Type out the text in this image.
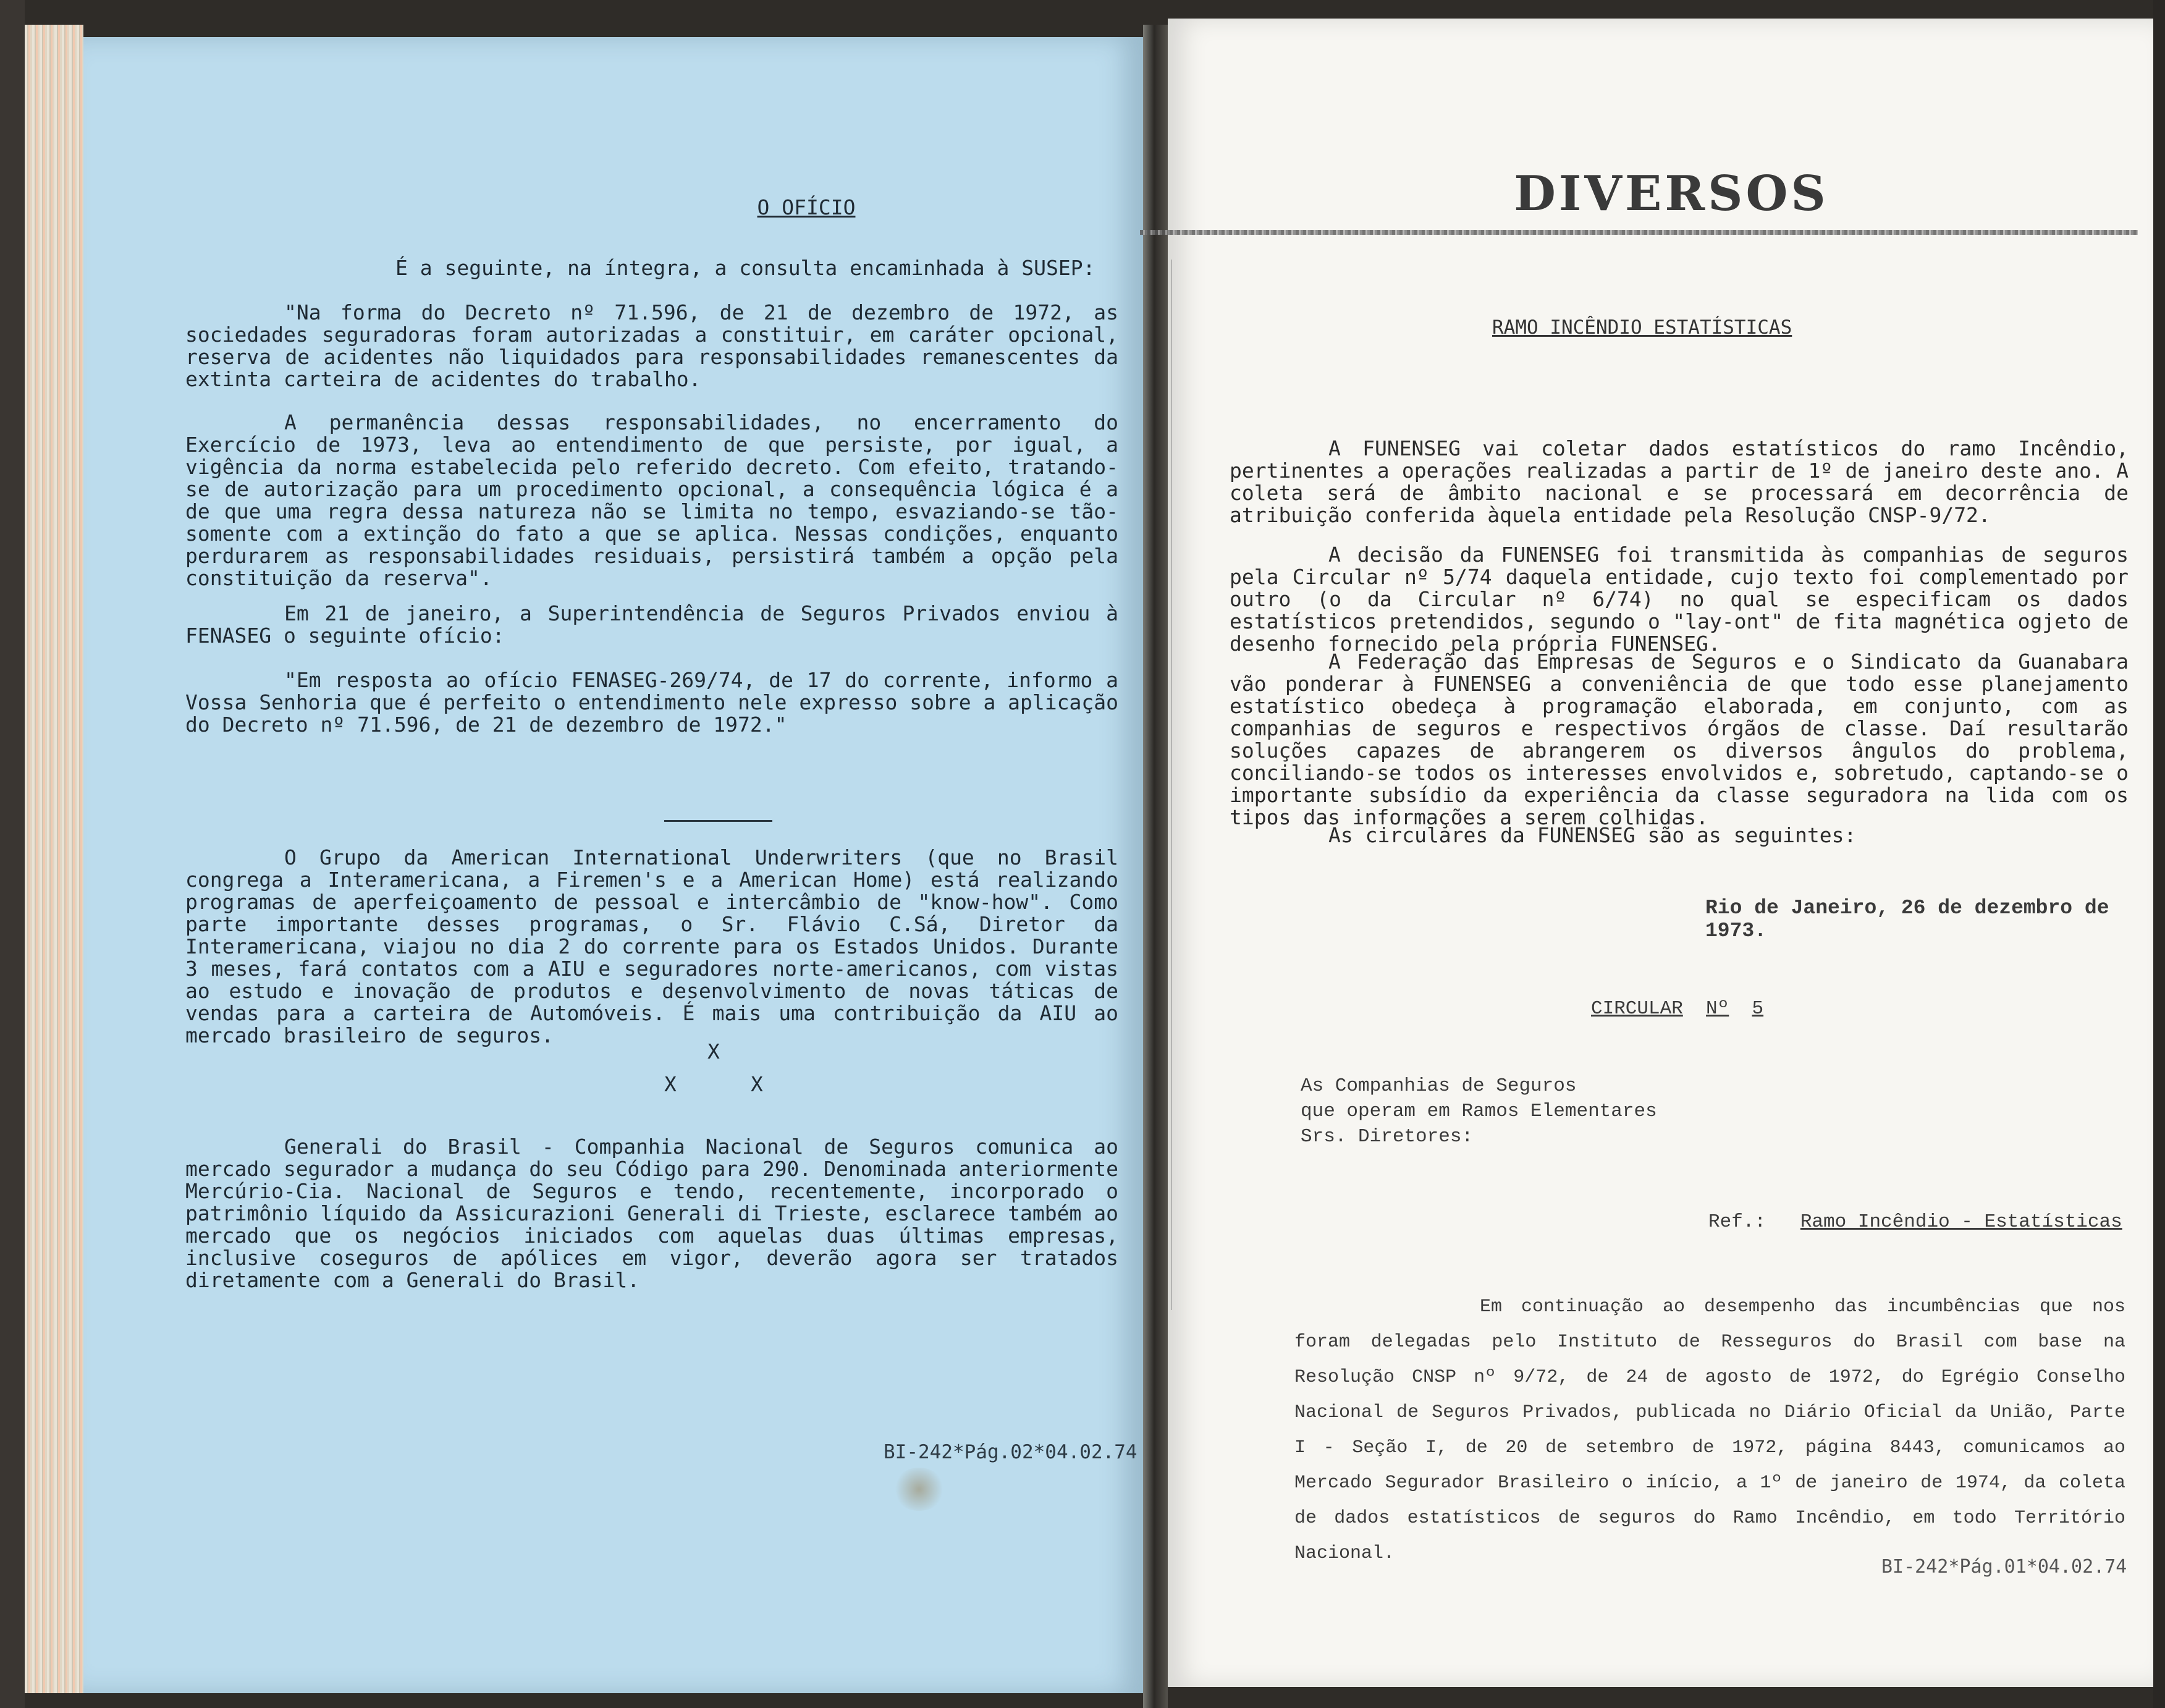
O OFÍCIO
É a seguinte, na íntegra, a consulta encaminhada à SUSEP:
"Na forma do Decreto nº 71.596, de 21 de dezembro de 1972, as sociedades seguradoras foram autorizadas a constituir, em caráter opcional, reserva de acidentes não liquidados para responsabilidades remanescentes da extinta carteira de acidentes do trabalho.
A permanência dessas responsabilidades, no encerramento do Exercício de 1973, leva ao entendimento de que persiste, por igual, a vigência da norma estabelecida pelo referido decreto. Com efeito, tratando-se de autorização para um procedimento opcional, a consequência lógica é a de que uma regra dessa natureza não se limita no tempo, esvaziando-se tão-somente com a extinção do fato a que se aplica. Nessas condições, enquanto perdurarem as responsabilidades residuais, persistirá também a opção pela constituição da reserva".
Em 21 de janeiro, a Superintendência de Seguros Privados enviou à FENASEG o seguinte ofício:
"Em resposta ao ofício FENASEG-269/74, de 17 do corrente, informo a Vossa Senhoria que é perfeito o entendimento nele expresso sobre a aplicação do Decreto nº 71.596, de 21 de dezembro de 1972."
O Grupo da American International Underwriters (que no Brasil congrega a Interamericana, a Firemen's e a American Home) está realizando programas de aperfeiçoamento de pessoal e intercâmbio de "know-how". Como parte importante desses programas, o Sr. Flávio C.Sá, Diretor da Interamericana, viajou no dia 2 do corrente para os Estados Unidos. Durante 3 meses, fará contatos com a AIU e seguradores norte-americanos, com vistas ao estudo e inovação de produtos e desenvolvimento de novas táticas de vendas para a carteira de Automóveis. É mais uma contribuição da AIU ao mercado brasileiro de seguros.
X
X	X
Generali do Brasil - Companhia Nacional de Seguros comunica ao mercado segurador a mudança do seu Código para 290. Denominada anteriormente Mercúrio-Cia. Nacional de Seguros e tendo, recentemente, incorporado o patrimônio líquido da Assicurazioni Generali di Trieste, esclarece também ao mercado que os negócios iniciados com aquelas duas últimas empresas, inclusive coseguros de apólices em vigor, deverão agora ser tratados diretamente com a Generali do Brasil.
BI-242*Pág.02*04.02.74
DIVERSOS
RAMO INCÊNDIO ESTATÍSTICAS
A FUNENSEG vai coletar dados estatísticos do ramo Incêndio, pertinentes a operações realizadas a partir de 1º de janeiro deste ano. A coleta será de âmbito nacional e se processará em decorrência de atribuição conferida àquela entidade pela Resolução CNSP-9/72.
A decisão da FUNENSEG foi transmitida às companhias de seguros pela Circular nº 5/74 daquela entidade, cujo texto foi complementado por outro (o da Circular nº 6/74) no qual se especificam os dados estatísticos pretendidos, segundo o "lay-ont" de fita magnética ogjeto de desenho fornecido pela própria FUNENSEG.
A Federação das Empresas de Seguros e o Sindicato da Guanabara vão ponderar à FUNENSEG a conveniência de que todo esse planejamento estatístico obedeça à programação elaborada, em conjunto, com as companhias de seguros e respectivos órgãos de classe. Daí resultarão soluções capazes de abrangerem os diversos ângulos do problema, conciliando-se todos os interesses envolvidos e, sobretudo, captando-se o importante subsídio da experiência da classe seguradora na lida com os tipos das informações a serem colhidas.
As circulares da FUNENSEG são as seguintes:
Rio de Janeiro, 26 de dezembro de 1973.
CIRCULAR Nº 5
As Companhias de Seguros
que operam em Ramos Elementares
Srs. Diretores:
Ref.: Ramo Incêndio - Estatísticas
Em continuação ao desempenho das incumbências que nos foram delegadas pelo Instituto de Resseguros do Brasil com base na Resolução CNSP nº 9/72, de 24 de agosto de 1972, do Egrégio Conselho Nacional de Seguros Privados, publicada no Diário Oficial da União, Parte I - Seção I, de 20 de setembro de 1972, página 8443, comunicamos ao Mercado Segurador Brasileiro o início, a 1º de janeiro de 1974, da coleta de dados estatísticos de seguros do Ramo Incêndio, em todo Território Nacional.
BI-242*Pág.01*04.02.74
